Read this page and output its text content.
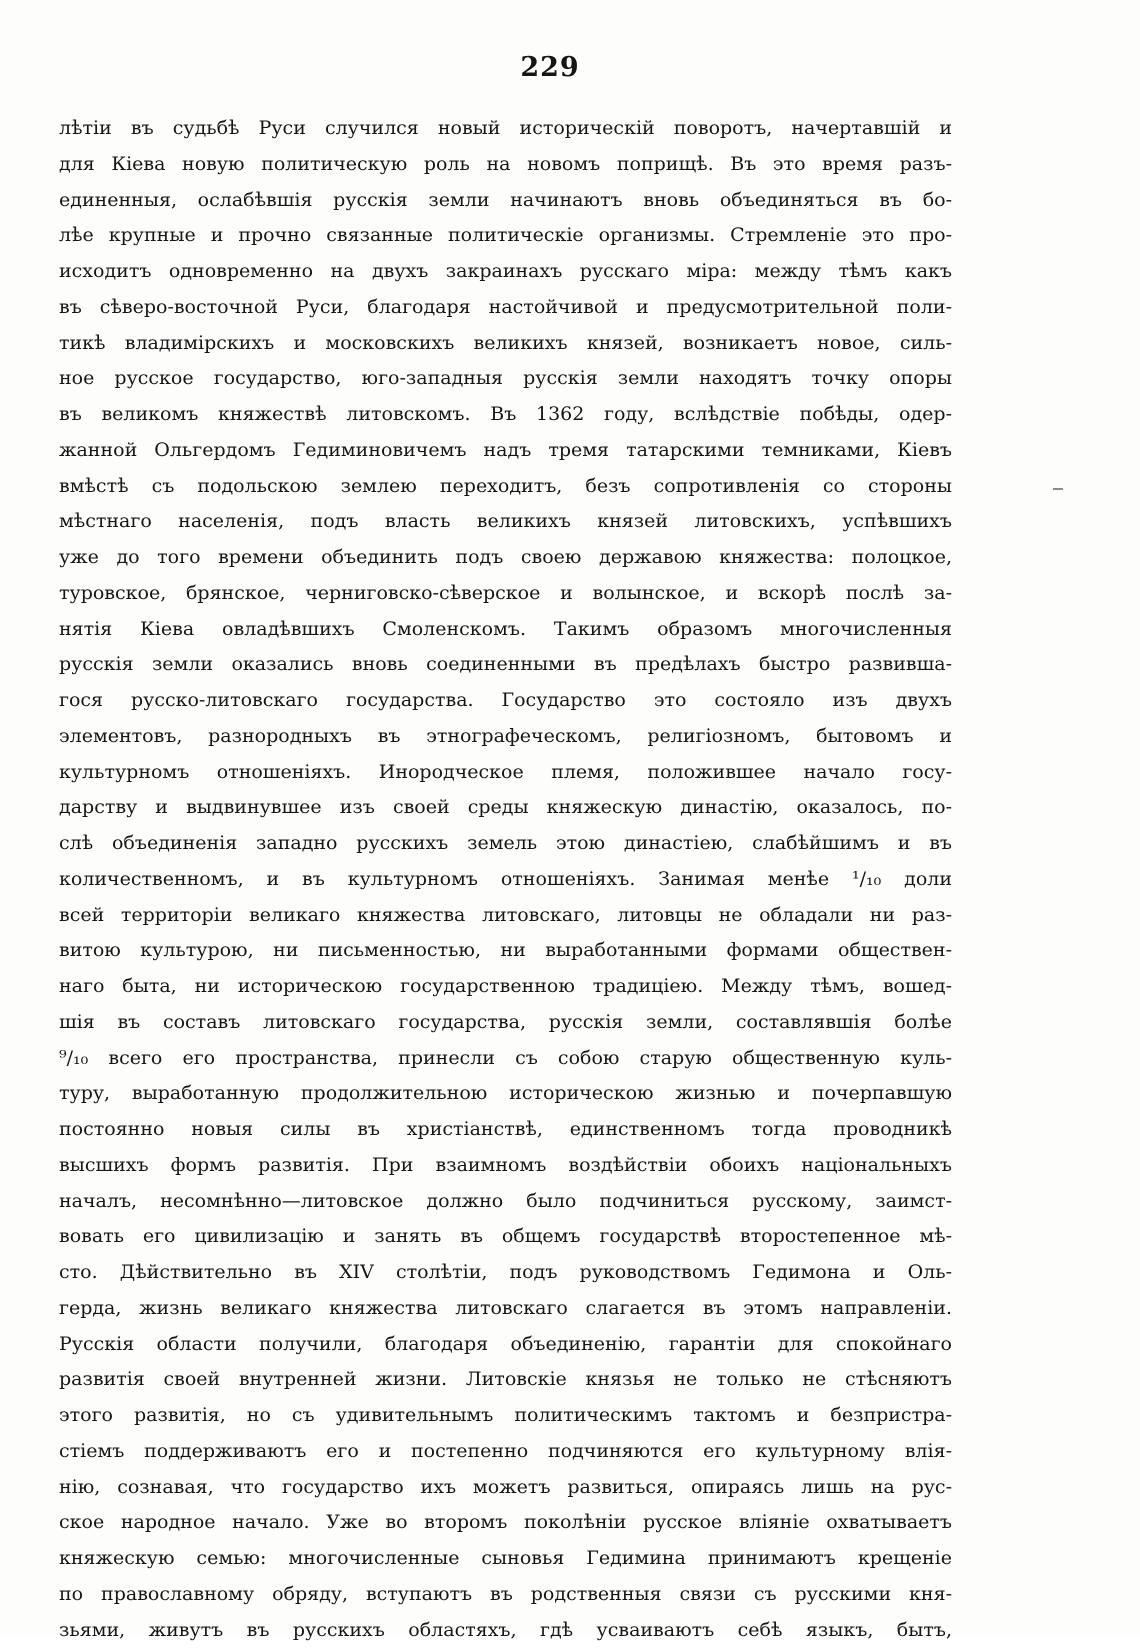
229
лѣтіи въ судьбѣ Руси случился новый историческій поворотъ, начертавшій и
для Кіева новую политическую роль на новомъ поприщѣ. Въ это время разъ-
единенныя, ослабѣвшія русскія земли начинаютъ вновь объединяться въ бо-
лѣе крупные и прочно связанные политическіе организмы. Стремленіе это про-
исходитъ одновременно на двухъ закраинахъ русскаго міра: между тѣмъ какъ
въ сѣверо-восточной Руси, благодаря настойчивой и предусмотрительной поли-
тикѣ владимірскихъ и московскихъ великихъ князей, возникаетъ новое, силь-
ное русское государство, юго-западныя русскія земли находятъ точку опоры
въ великомъ княжествѣ литовскомъ. Въ 1362 году, вслѣдствіе побѣды, одер-
жанной Ольгердомъ Гедиминовичемъ надъ тремя татарскими темниками, Кіевъ
вмѣстѣ съ подольскою землею переходитъ, безъ сопротивленія со стороны
мѣстнаго населенія, подъ власть великихъ князей литовскихъ, успѣвшихъ
уже до того времени объединить подъ своею державою княжества: полоцкое,
туровское, брянское, черниговско-сѣверское и волынское, и вскорѣ послѣ за-
нятія Кіева овладѣвшихъ Смоленскомъ. Такимъ образомъ многочисленныя
русскія земли оказались вновь соединенными въ предѣлахъ быстро развивша-
гося русско-литовскаго государства. Государство это состояло изъ двухъ
элементовъ, разнородныхъ въ этнографеческомъ, религіозномъ, бытовомъ и
культурномъ отношеніяхъ. Инородческое племя, положившее начало госу-
дарству и выдвинувшее изъ своей среды княжескую династію, оказалось, по-
слѣ объединенія западно русскихъ земель этою династіею, слабѣйшимъ и въ
количественномъ, и въ культурномъ отношеніяхъ. Занимая менѣе ¹/₁₀ доли
всей территоріи великаго княжества литовскаго, литовцы не обладали ни раз-
витою культурою, ни письменностью, ни выработанными формами обществен-
наго быта, ни историческою государственною традиціею. Между тѣмъ, вошед-
шія въ составъ литовскаго государства, русскія земли, составлявшія болѣе
⁹/₁₀ всего его пространства, принесли съ собою старую общественную куль-
туру, выработанную продолжительною историческою жизнью и почерпавшую
постоянно новыя силы въ христіанствѣ, единственномъ тогда проводникѣ
высшихъ формъ развитія. При взаимномъ воздѣйствіи обоихъ національныхъ
началъ, несомнѣнно—литовское должно было подчиниться русскому, заимст-
вовать его цивилизацію и занять въ общемъ государствѣ второстепенное мѣ-
сто. Дѣйствительно въ XIV столѣтіи, подъ руководствомъ Гедимона и Оль-
герда, жизнь великаго княжества литовскаго слагается въ этомъ направленіи.
Русскія области получили, благодаря объединенію, гарантіи для спокойнаго
развитія своей внутренней жизни. Литовскіе князья не только не стѣсняютъ
этого развитія, но съ удивительнымъ политическимъ тактомъ и безпристра-
стіемъ поддерживаютъ его и постепенно подчиняются его культурному влія-
нію, сознавая, что государство ихъ можетъ развиться, опираясь лишь на рус-
ское народное начало. Уже во второмъ поколѣніи русское вліяніе охватываетъ
княжескую семью: многочисленные сыновья Гедимина принимаютъ крещеніе
по православному обряду, вступаютъ въ родственныя связи съ русскими кня-
зьями, живутъ въ русскихъ областяхъ, гдѣ усваиваютъ себѣ языкъ, бытъ,
